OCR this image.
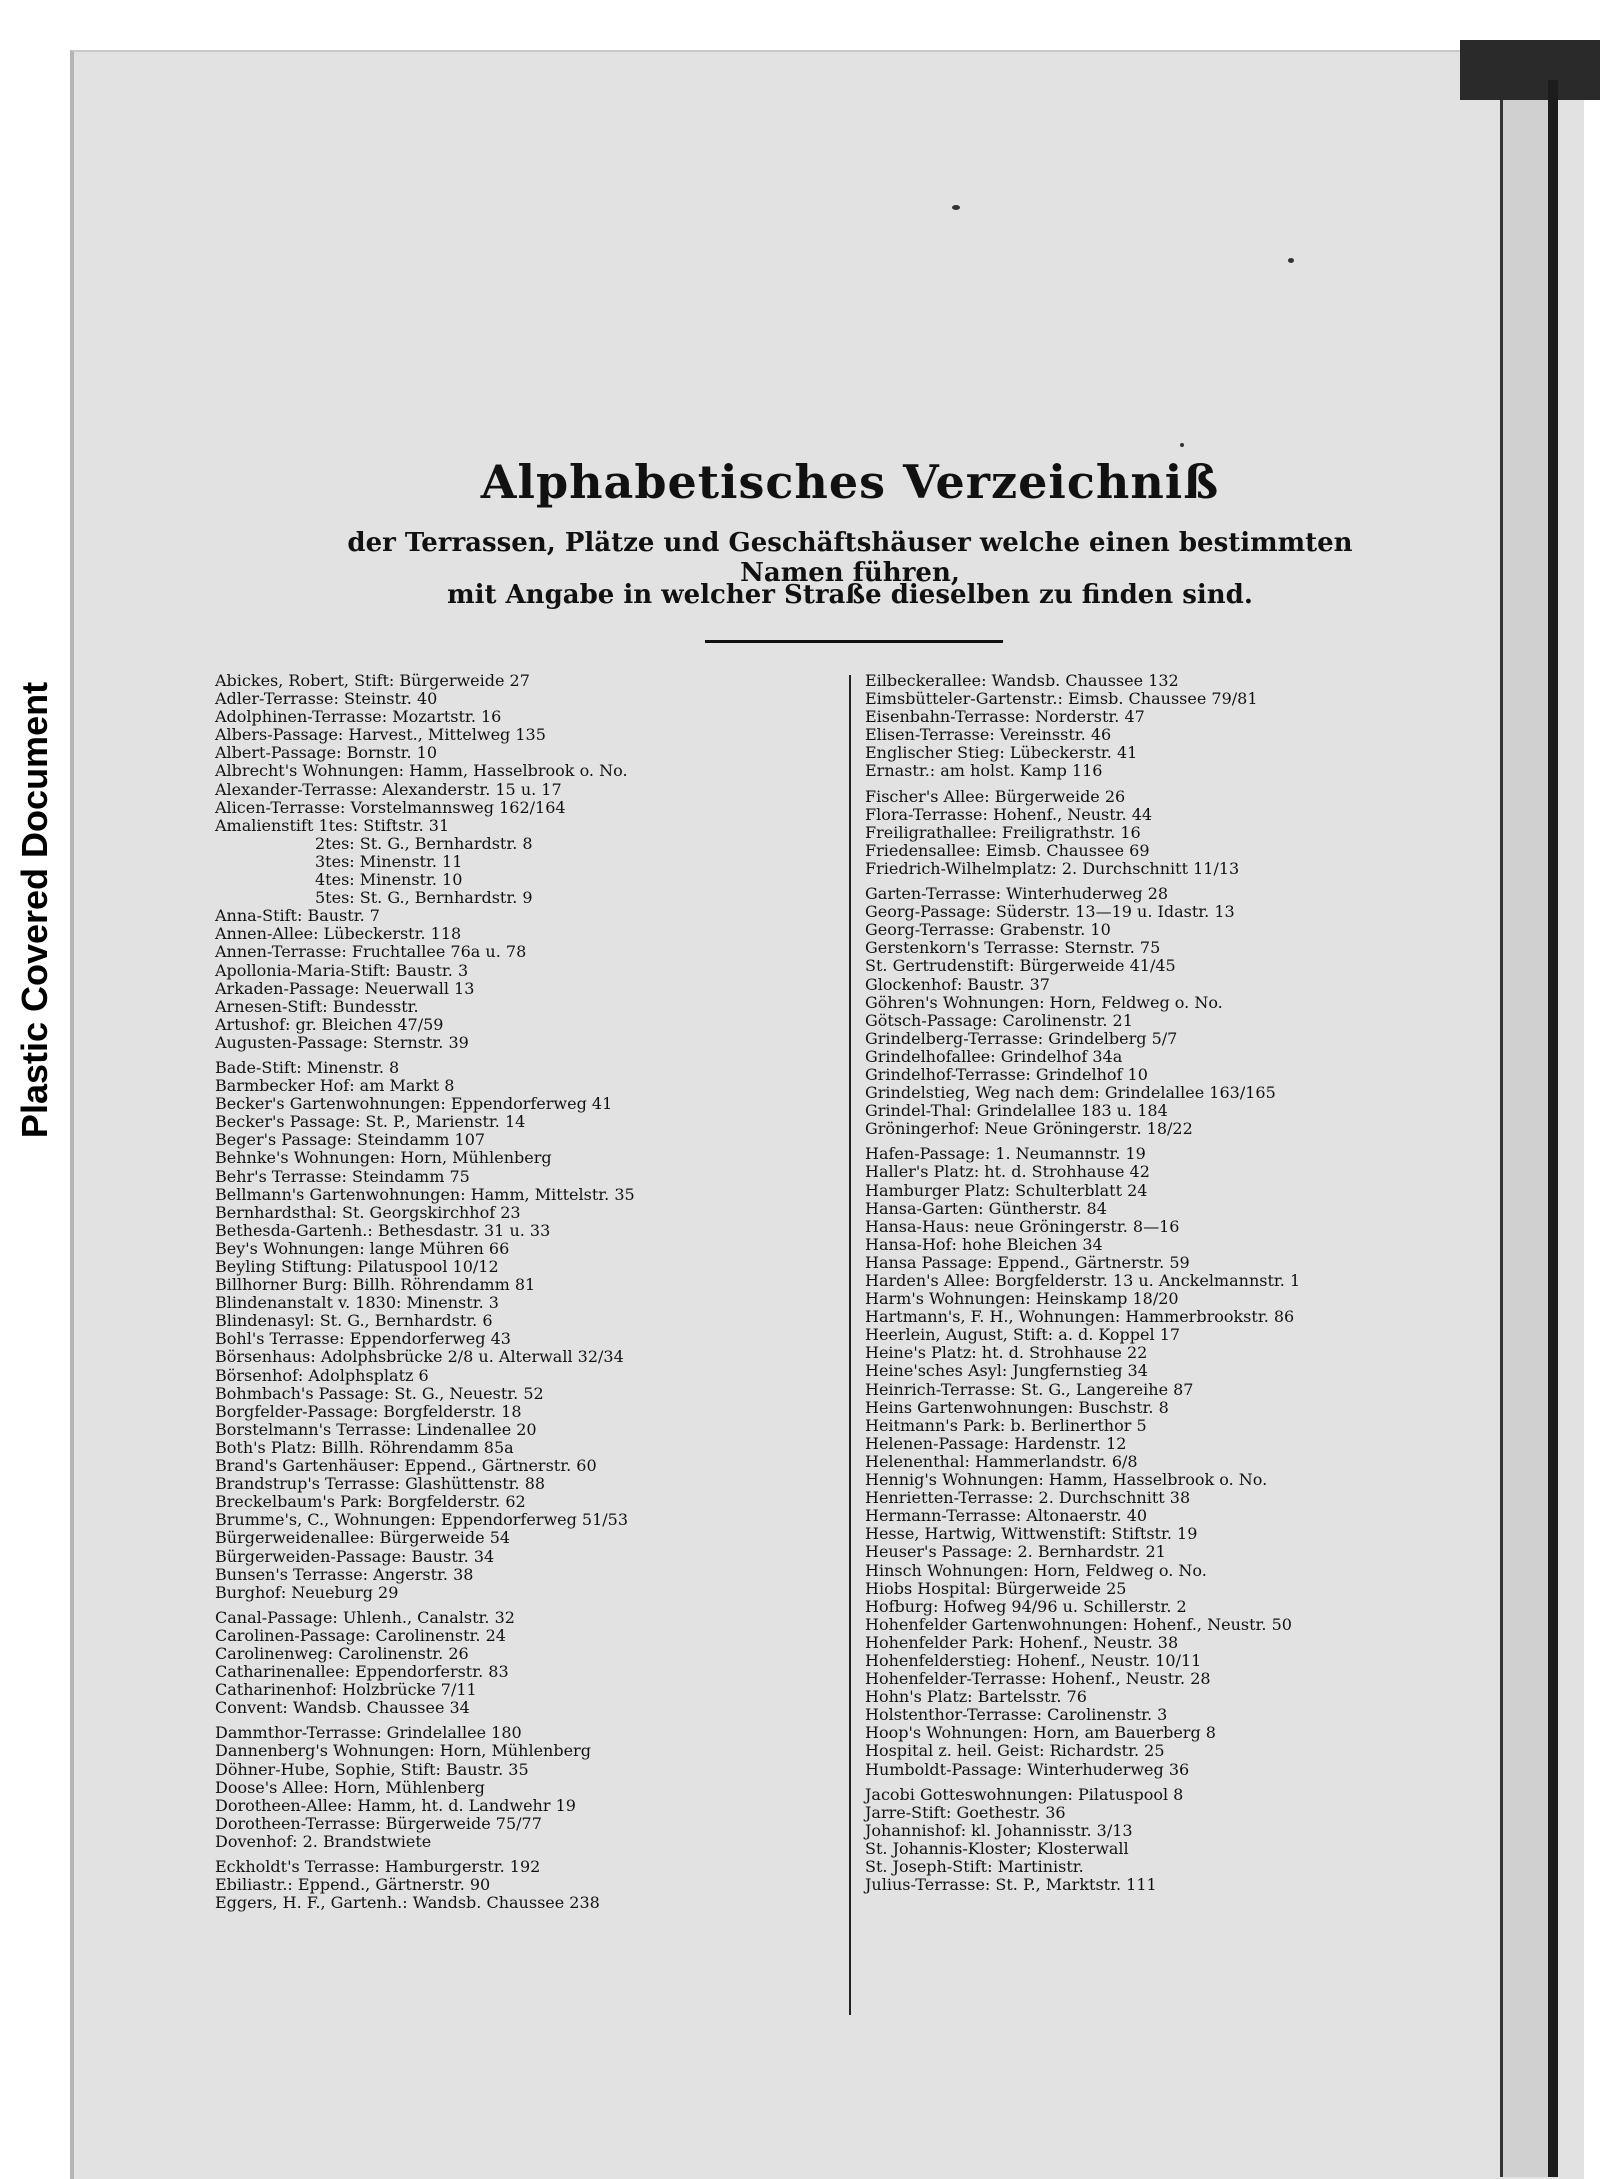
Plastic Covered Document
Alphabetisches Verzeichniß
der Terrassen, Plätze und Geschäftshäuser welche einen bestimmten Namen führen,
mit Angabe in welcher Straße dieselben zu finden sind.
Abickes, Robert, Stift: Bürgerweide 27
Adler-Terrasse: Steinstr. 40
Adolphinen-Terrasse: Mozartstr. 16
Albers-Passage: Harvest., Mittelweg 135
Albert-Passage: Bornstr. 10
Albrecht's Wohnungen: Hamm, Hasselbrook o. No.
Alexander-Terrasse: Alexanderstr. 15 u. 17
Alicen-Terrasse: Vorstelmannsweg 162/164
Amalienstift 1tes: Stiftstr. 31
2tes: St. G., Bernhardstr. 8
3tes: Minenstr. 11
4tes: Minenstr. 10
5tes: St. G., Bernhardstr. 9
Anna-Stift: Baustr. 7
Annen-Allee: Lübeckerstr. 118
Annen-Terrasse: Fruchtallee 76a u. 78
Apollonia-Maria-Stift: Baustr. 3
Arkaden-Passage: Neuerwall 13
Arnesen-Stift: Bundesstr.
Artushof: gr. Bleichen 47/59
Augusten-Passage: Sternstr. 39
Bade-Stift: Minenstr. 8
Barmbecker Hof: am Markt 8
Becker's Gartenwohnungen: Eppendorferweg 41
Becker's Passage: St. P., Marienstr. 14
Beger's Passage: Steindamm 107
Behnke's Wohnungen: Horn, Mühlenberg
Behr's Terrasse: Steindamm 75
Bellmann's Gartenwohnungen: Hamm, Mittelstr. 35
Bernhardsthal: St. Georgskirchhof 23
Bethesda-Gartenh.: Bethesdastr. 31 u. 33
Bey's Wohnungen: lange Mühren 66
Beyling Stiftung: Pilatuspool 10/12
Billhorner Burg: Billh. Röhrendamm 81
Blindenanstalt v. 1830: Minenstr. 3
Blindenasyl: St. G., Bernhardstr. 6
Bohl's Terrasse: Eppendorferweg 43
Börsenhaus: Adolphsbrücke 2/8 u. Alterwall 32/34
Börsenhof: Adolphsplatz 6
Bohmbach's Passage: St. G., Neuestr. 52
Borgfelder-Passage: Borgfelderstr. 18
Borstelmann's Terrasse: Lindenallee 20
Both's Platz: Billh. Röhrendamm 85a
Brand's Gartenhäuser: Eppend., Gärtnerstr. 60
Brandstrup's Terrasse: Glashüttenstr. 88
Breckelbaum's Park: Borgfelderstr. 62
Brumme's, C., Wohnungen: Eppendorferweg 51/53
Bürgerweidenallee: Bürgerweide 54
Bürgerweiden-Passage: Baustr. 34
Bunsen's Terrasse: Angerstr. 38
Burghof: Neueburg 29
Canal-Passage: Uhlenh., Canalstr. 32
Carolinen-Passage: Carolinenstr. 24
Carolinenweg: Carolinenstr. 26
Catharinenallee: Eppendorferstr. 83
Catharinenhof: Holzbrücke 7/11
Convent: Wandsb. Chaussee 34
Dammthor-Terrasse: Grindelallee 180
Dannenberg's Wohnungen: Horn, Mühlenberg
Döhner-Hube, Sophie, Stift: Baustr. 35
Doose's Allee: Horn, Mühlenberg
Dorotheen-Allee: Hamm, ht. d. Landwehr 19
Dorotheen-Terrasse: Bürgerweide 75/77
Dovenhof: 2. Brandstwiete
Eckholdt's Terrasse: Hamburgerstr. 192
Ebiliastr.: Eppend., Gärtnerstr. 90
Eggers, H. F., Gartenh.: Wandsb. Chaussee 238
Eilbeckerallee: Wandsb. Chaussee 132
Eimsbütteler-Gartenstr.: Eimsb. Chaussee 79/81
Eisenbahn-Terrasse: Norderstr. 47
Elisen-Terrasse: Vereinsstr. 46
Englischer Stieg: Lübeckerstr. 41
Ernastr.: am holst. Kamp 116
Fischer's Allee: Bürgerweide 26
Flora-Terrasse: Hohenf., Neustr. 44
Freiligrathallee: Freiligrathstr. 16
Friedensallee: Eimsb. Chaussee 69
Friedrich-Wilhelmplatz: 2. Durchschnitt 11/13
Garten-Terrasse: Winterhuderweg 28
Georg-Passage: Süderstr. 13—19 u. Idastr. 13
Georg-Terrasse: Grabenstr. 10
Gerstenkorn's Terrasse: Sternstr. 75
St. Gertrudenstift: Bürgerweide 41/45
Glockenhof: Baustr. 37
Göhren's Wohnungen: Horn, Feldweg o. No.
Götsch-Passage: Carolinenstr. 21
Grindelberg-Terrasse: Grindelberg 5/7
Grindelhofallee: Grindelhof 34a
Grindelhof-Terrasse: Grindelhof 10
Grindelstieg, Weg nach dem: Grindelallee 163/165
Grindel-Thal: Grindelallee 183 u. 184
Gröningerhof: Neue Gröningerstr. 18/22
Hafen-Passage: 1. Neumannstr. 19
Haller's Platz: ht. d. Strohhause 42
Hamburger Platz: Schulterblatt 24
Hansa-Garten: Güntherstr. 84
Hansa-Haus: neue Gröningerstr. 8—16
Hansa-Hof: hohe Bleichen 34
Hansa Passage: Eppend., Gärtnerstr. 59
Harden's Allee: Borgfelderstr. 13 u. Anckelmannstr. 1
Harm's Wohnungen: Heinskamp 18/20
Hartmann's, F. H., Wohnungen: Hammerbrookstr. 86
Heerlein, August, Stift: a. d. Koppel 17
Heine's Platz: ht. d. Strohhause 22
Heine'sches Asyl: Jungfernstieg 34
Heinrich-Terrasse: St. G., Langereihe 87
Heins Gartenwohnungen: Buschstr. 8
Heitmann's Park: b. Berlinerthor 5
Helenen-Passage: Hardenstr. 12
Helenenthal: Hammerlandstr. 6/8
Hennig's Wohnungen: Hamm, Hasselbrook o. No.
Henrietten-Terrasse: 2. Durchschnitt 38
Hermann-Terrasse: Altonaerstr. 40
Hesse, Hartwig, Wittwenstift: Stiftstr. 19
Heuser's Passage: 2. Bernhardstr. 21
Hinsch Wohnungen: Horn, Feldweg o. No.
Hiobs Hospital: Bürgerweide 25
Hofburg: Hofweg 94/96 u. Schillerstr. 2
Hohenfelder Gartenwohnungen: Hohenf., Neustr. 50
Hohenfelder Park: Hohenf., Neustr. 38
Hohenfelderstieg: Hohenf., Neustr. 10/11
Hohenfelder-Terrasse: Hohenf., Neustr. 28
Hohn's Platz: Bartelsstr. 76
Holstenthor-Terrasse: Carolinenstr. 3
Hoop's Wohnungen: Horn, am Bauerberg 8
Hospital z. heil. Geist: Richardstr. 25
Humboldt-Passage: Winterhuderweg 36
Jacobi Gotteswohnungen: Pilatuspool 8
Jarre-Stift: Goethestr. 36
Johannishof: kl. Johannisstr. 3/13
St. Johannis-Kloster; Klosterwall
St. Joseph-Stift: Martinistr.
Julius-Terrasse: St. P., Marktstr. 111
